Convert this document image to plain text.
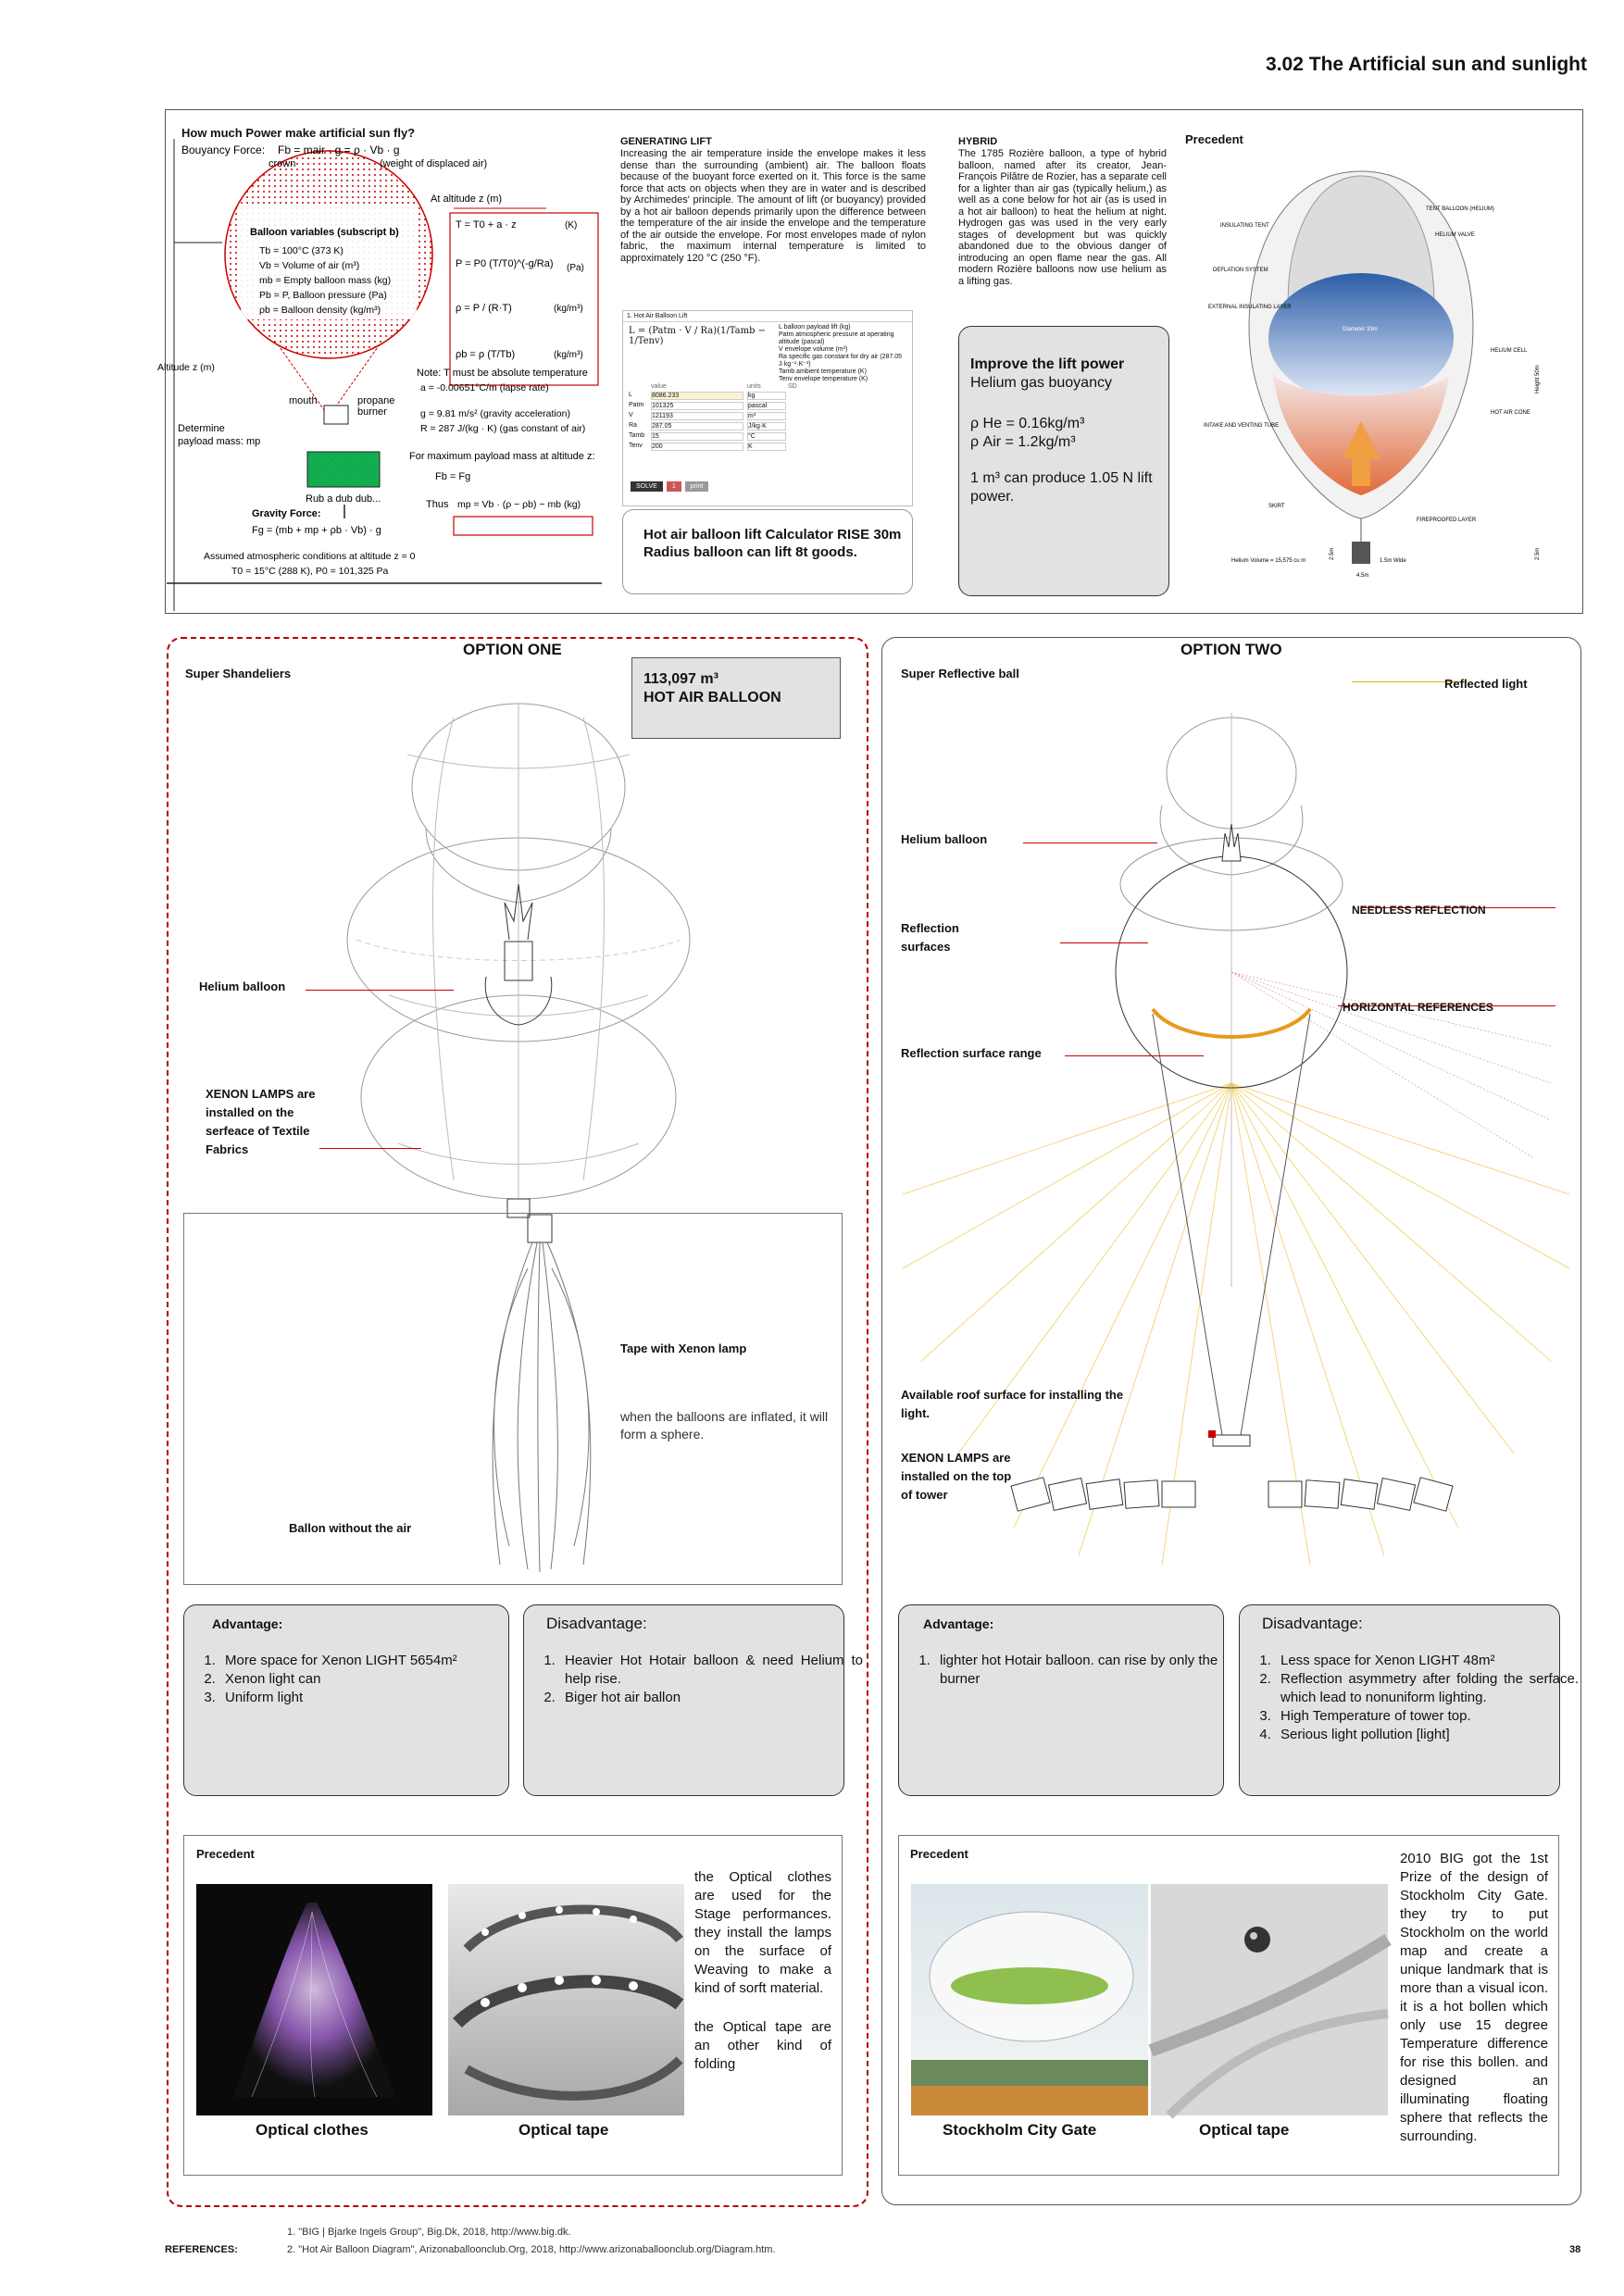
3.02 The Artificial sun and sunlight
How much Power make artificial sun fly?
Bouyancy Force: Fb = mair · g = ρ · Vb · g
crown	(weight of displaced air)
At altitude z (m)
Balloon variables (subscript b)
Tb = 100°C (373 K)
Vb = Volume of air (m³)
mb = Empty balloon mass (kg)
Pb = P, Balloon pressure (Pa)
ρb = Balloon density (kg/m³)
T = T0 + a · z	(K)
P = P0 (T/T0)^(-g/Ra) (Pa)
ρ = P / (R·T)	(kg/m³)
ρb = ρ (T/Tb)	(kg/m³)
Altitude z (m)
mouth	propane
burner
Determine
payload mass: mp
Note: T must be absolute temperature
a = -0.00651°C/m (lapse rate)
g = 9.81 m/s² (gravity acceleration)
R = 287 J/(kg · K) (gas constant of air)
For maximum payload mass at altitude z:
Fb = Fg
Thus mp = Vb · (ρ − ρb) − mb (kg)
Rub a dub dub...
Gravity Force:
Fg = (mb + mp + ρb · Vb) · g
Assumed atmospheric conditions at altitude z = 0
T0 = 15°C (288 K), P0 = 101,325 Pa
GENERATING LIFT
Increasing the air temperature inside the envelope makes it less dense than the surrounding (ambient) air. The balloon floats because of the buoyant force exerted on it. This force is the same force that acts on objects when they are in water and is described by Archimedes' principle. The amount of lift (or buoyancy) provided by a hot air balloon depends primarily upon the difference between the temperature of the air inside the envelope and the temperature of the air outside the envelope. For most envelopes made of nylon fabric, the maximum internal temperature is limited to approximately 120 °C (250 °F).
1. Hot Air Balloon Lift
L = (Patm · V / Ra)(1/Tamb − 1/Tenv)
L balloon payload lift (kg)
Patm atmospheric pressure at operating altitude (pascal)
V envelope volume (m³)
Ra specific gas constant for dry air (287.05 J·kg⁻¹·K⁻¹)
Tamb ambient temperature (K)
Tenv envelope temperature (K)
value	units	SD
L	8086.233	kg
Patm	101325	pascal
V	121193	m³
Ra	287.05	J/kg·K
Tamb	15	°C
Tenv	200	K
SOLVE	1	print
Hot air balloon lift Calculator RISE 30m Radius balloon can lift 8t goods.
HYBRID
The 1785 Rozière balloon, a type of hybrid balloon, named after its creator, Jean-François Pilâtre de Rozier, has a separate cell for a lighter than air gas (typically helium,) as well as a cone below for hot air (as is used in a hot air balloon) to heat the helium at night. Hydrogen gas was used in the very early stages of development but was quickly abandoned due to the obvious danger of introducing an open flame near the gas. All modern Rozière balloons now use helium as a lifting gas.
Improve the lift power
Helium gas buoyancy
ρ He = 0.16kg/m³
ρ Air = 1.2kg/m³
1 m³ can produce 1.05 N lift power.
Precedent
TENT BALLOON (HELIUM)
HELIUM VALVE
INSULATING TENT
DEFLATION SYSTEM
EXTERNAL INSULATING LAYER
Diameter 33m
HELIUM CELL
HOT AIR CONE
INTAKE AND VENTING TUBE
SKIRT
FIREPROOFED LAYER
Helium Volume = 15,575 cu m	1.5m Wide
Height 50m
2.5m
4.5m
2.5m
OPTION ONE
Super Shandeliers	113,097 m³
HOT AIR BALLOON
Helium balloon
XENON LAMPS are installed on the serfeace of Textile Fabrics
Tape with Xenon lamp
when the balloons are inflated, it will form a sphere.
Ballon without the air
Advantage:
1. More space for Xenon LIGHT 5654m²
2. Xenon light can
3. Uniform light
Disadvantage:
1. Heavier Hot Hotair balloon & need Helium to help rise.
2. Biger hot air ballon
Precedent
the Optical clothes are used for the Stage performances. they install the lamps on the surface of Weaving to make a kind of sorft material.
the Optical tape are an other kind of folding
Optical clothes	Optical tape
OPTION TWO
Super Reflective ball
Reflected light
Helium balloon
Reflection surfaces
NEEDLESS REFLECTION
HORIZONTAL REFERENCES
Reflection surface range
Available roof surface for installing the light.
XENON LAMPS are installed on the top of tower
Advantage:
1. lighter hot Hotair balloon. can rise by only the burner
Disadvantage:
1. Less space for Xenon LIGHT 48m²
2. Reflection asymmetry after folding the serface. which lead to nonuniform lighting.
3. High Temperature of tower top.
4. Serious light pollution [light]
Precedent	2010 BIG got the 1st Prize of the design of Stockholm City Gate. they try to put Stockholm on the world map and create a unique landmark that is more than a visual icon. it is a hot bollen which only use 15 degree Temperature difference for rise this bollen. and designed an illuminating floating sphere that reflects the surrounding.
Stockholm City Gate	Optical tape
1. "BIG | Bjarke Ingels Group", Big.Dk, 2018, http://www.big.dk.
2. "Hot Air Balloon Diagram", Arizonaballoonclub.Org, 2018, http://www.arizonaballoonclub.org/Diagram.htm.
REFERENCES:	38
